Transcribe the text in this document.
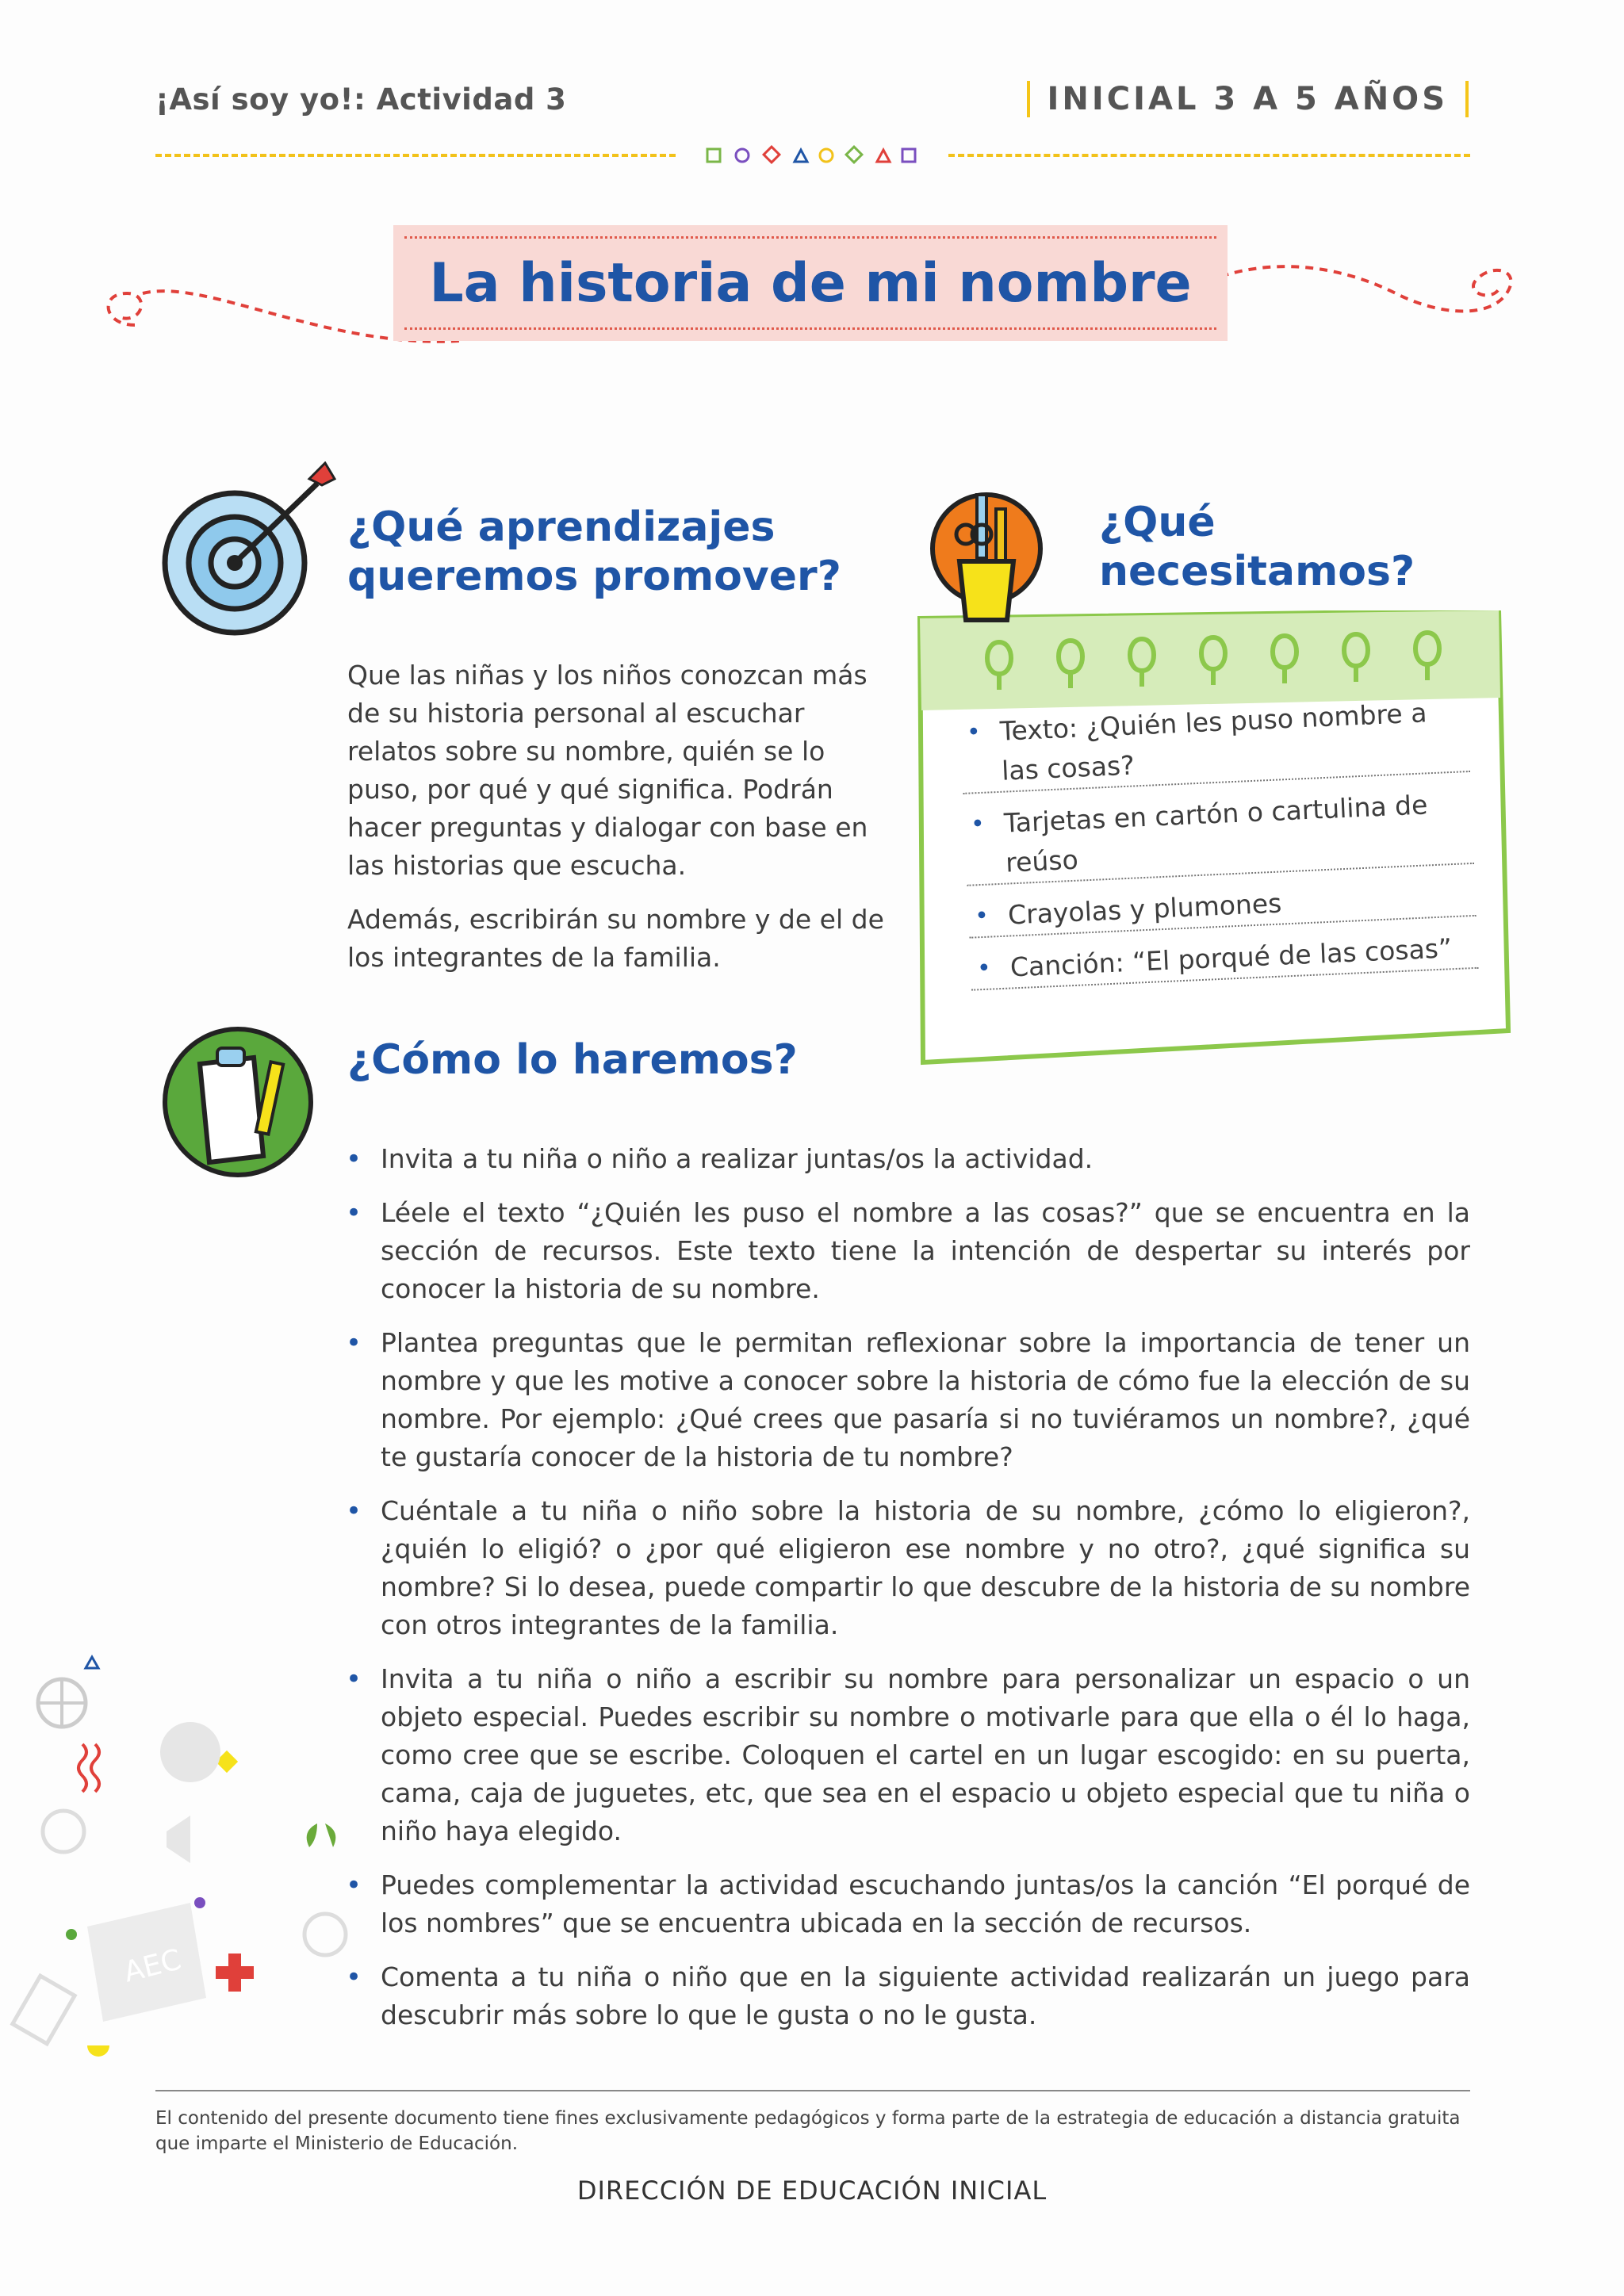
¡Así soy yo!: Actividad 3	INICIAL 3 A 5 AÑOS
La historia de mi nombre
¿Qué aprendizajes
queremos promover?

Que las niñas y los niños conozcan más de su historia personal al escuchar relatos sobre su nombre, quién se lo puso, por qué y qué significa. Podrán hacer preguntas y dialogar con base en las historias que escucha.

Además, escribirán su nombre y de el de los integrantes de la familia.

¿Qué
necesitamos?
• Texto: ¿Quién les puso nombre a las cosas?
• Tarjetas en cartón o cartulina de reúso
• Crayolas y plumones
• Canción: “El porqué de las cosas”
¿Cómo lo haremos?
• Invita a tu niña o niño a realizar juntas/os la actividad.
• Léele el texto “¿Quién les puso el nombre a las cosas?” que se encuentra en la sección de recursos. Este texto tiene la intención de despertar su interés por conocer la historia de su nombre.
• Plantea preguntas que le permitan reflexionar sobre la importancia de tener un nombre y que les motive a conocer sobre la historia de cómo fue la elección de su nombre. Por ejemplo: ¿Qué crees que pasaría si no tuviéramos un nombre?, ¿qué te gustaría conocer de la historia de tu nombre?
• Cuéntale a tu niña o niño sobre la historia de su nombre, ¿cómo lo eligieron?, ¿quién lo eligió? o ¿por qué eligieron ese nombre y no otro?, ¿qué significa su nombre? Si lo desea, puede compartir lo que descubre de la historia de su nombre con otros integrantes de la familia.
• Invita a tu niña o niño a escribir su nombre para personalizar un espacio o un objeto especial. Puedes escribir su nombre o motivarle para que ella o él lo haga, como cree que se escribe. Coloquen el cartel en un lugar escogido: en su puerta, cama, caja de juguetes, etc, que sea en el espacio u objeto especial que tu niña o niño haya elegido.
• Puedes complementar la actividad escuchando juntas/os la canción “El porqué de los nombres” que se encuentra ubicada en la sección de recursos.
• Comenta a tu niña o niño que en la siguiente actividad realizarán un juego para descubrir más sobre lo que le gusta o no le gusta.
AEC
El contenido del presente documento tiene fines exclusivamente pedagógicos y forma parte de la estrategia de educación a distancia gratuita que imparte el Ministerio de Educación.
DIRECCIÓN DE EDUCACIÓN INICIAL
